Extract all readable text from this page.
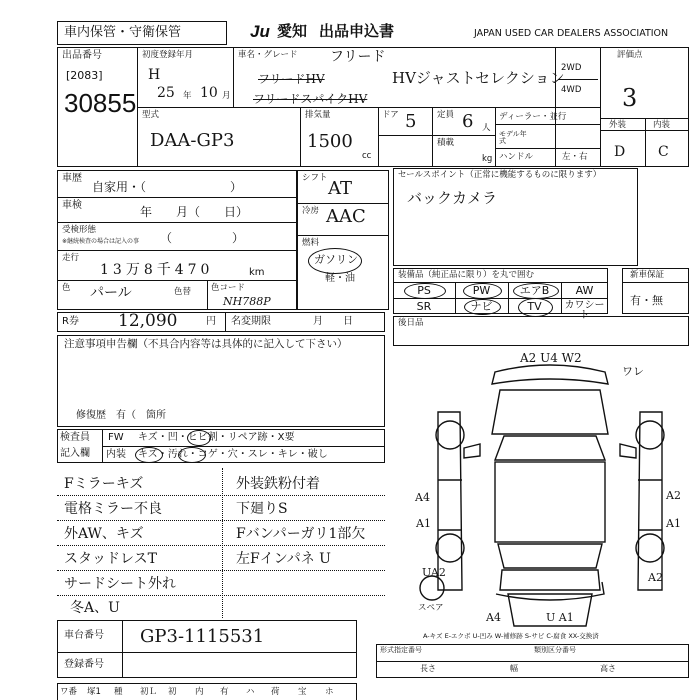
車内保管・守衛保管	Ju 愛知 出品申込書	JAPAN USED CAR DEALERS ASSOCIATION
出品番号
[2083]
30855
初度登録年月
H
25 年 10 月
車名・グレード フリード
フリードHV
フリードスパイクHV
HVジャストセレクション
2WD
4WD
評価点
3
外装	内装
D C
型式
DAA-GP3
排気量
1500
cc
ドア 5 定員 6 人
積載
kg
ディーラー・並行
モデル年式
ハンドル	左・右
車歴
自家用・（　　　　　　　）
車検	年　　月（　　日）
受検形態
※継続検査の場合は記入の事 （　　　　　）
走行
13万8千470	km
色 パール	色替 色コード
NH788P
R券 12,090	円 名変期限	月　　日
シフト AT
冷房 AAC
燃料
ガソリン
軽・油
セールスポイント（正常に機能するものに限ります）
バックカメラ
装備品（純正品に限り）を丸で囲む
PS	PW	エアB	AW
SR	ナビ	TV	カワシート
新車保証
有・無
後日品
注意事項申告欄（不具合内容等は具体的に記入して下さい）
修復歴　有（　箇所
検査員
記入欄
FW キズ・凹・ヒビ割・リペア跡・X要
内装 キズ・汚れ・コゲ・穴・スレ・キレ・破し
Fミラーキズ	外装鉄粉付着
電格ミラー不良	下廻りS
外AW、キズ	Fバンパーガリ1部欠
スタッドレスT	左Fインパネ U
サードシート外れ
冬A、U
A2 U4 W2
ワレ
A4
A1
UA2
A2
A1
A2
スペア
A4	U A1
A-キズ E-エクボ U-凹み W-補修跡 S-サビ C-腐食 XX-交換済
車台番号 GP3-1115531
登録番号
形式指定番号	類別区分番号
長さ	幅	高さ
ワ番 塚1 種 初Ｌ 初 内 有 ハ 荷 宝 ホ
